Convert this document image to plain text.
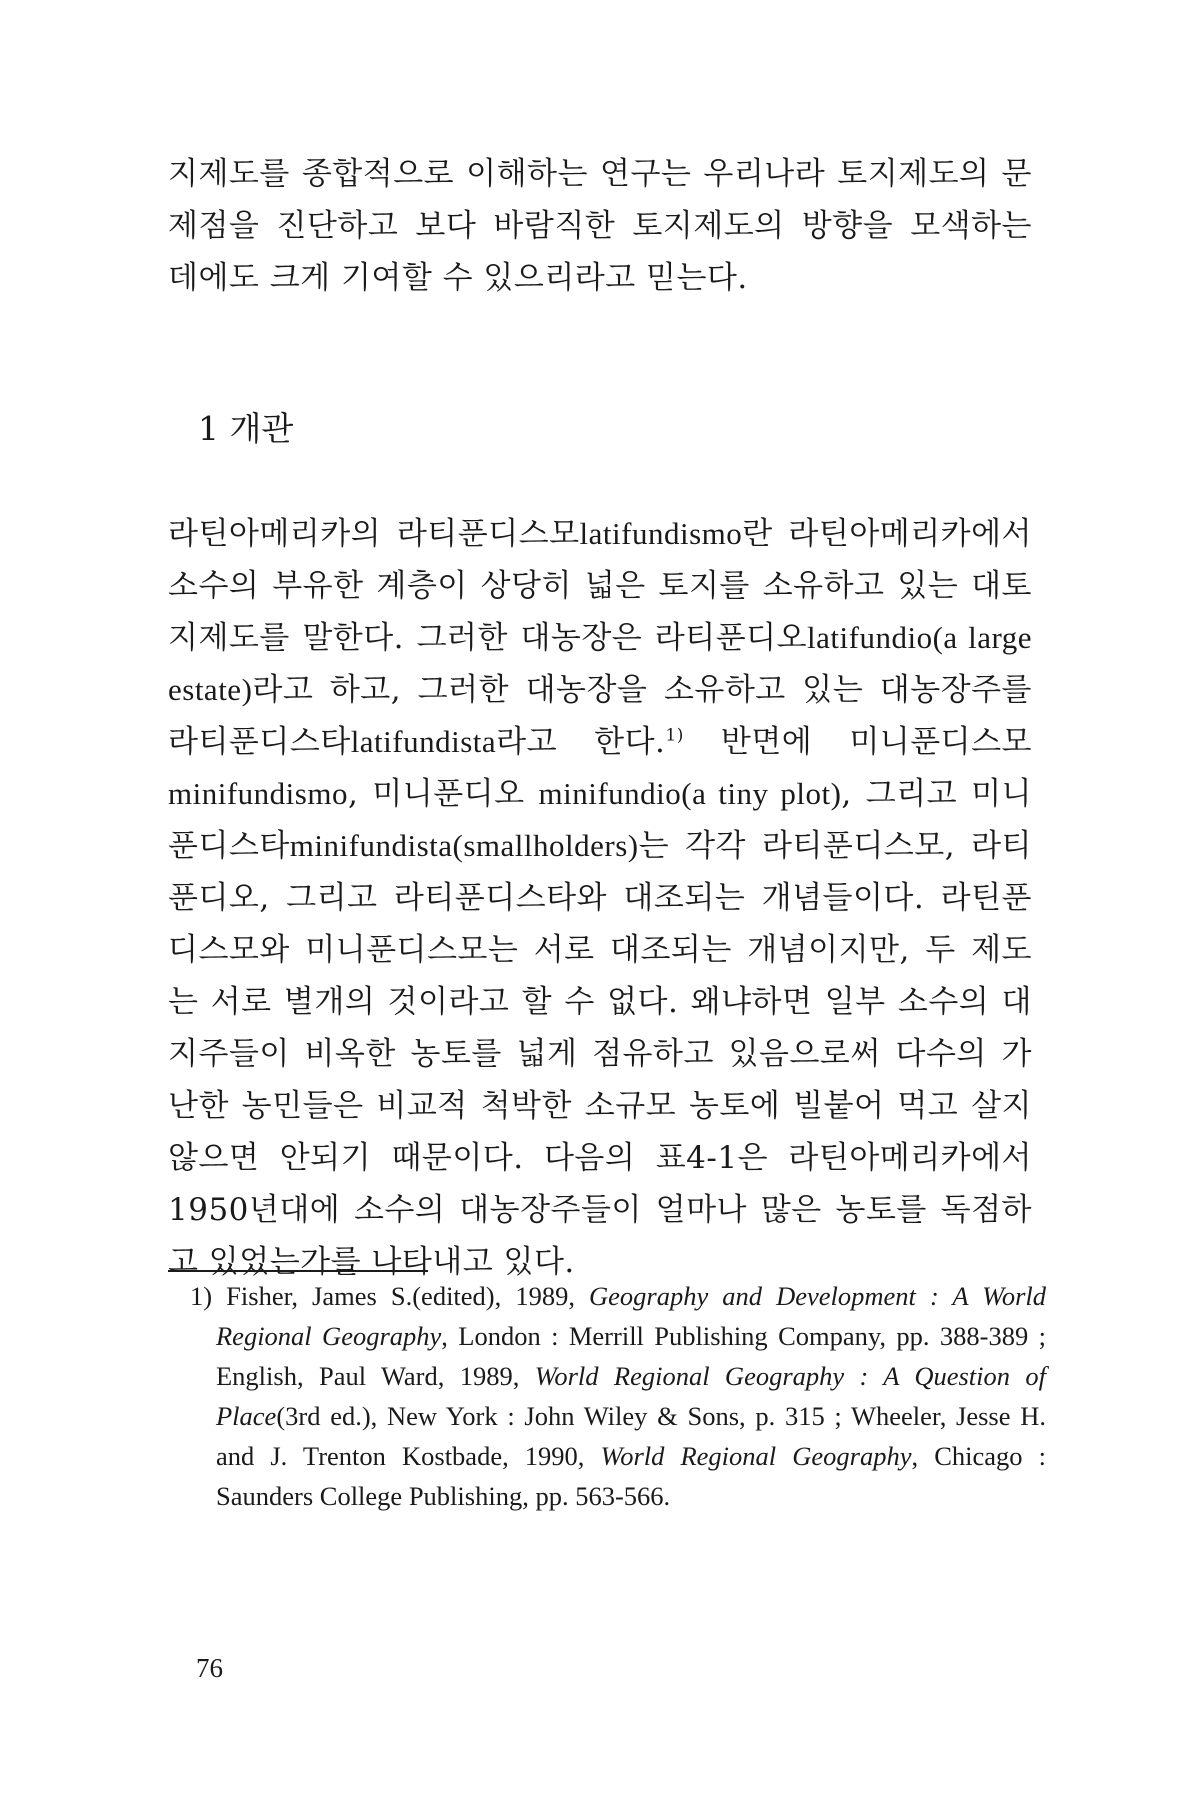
지제도를 종합적으로 이해하는 연구는 우리나라 토지제도의 문제점을 진단하고 보다 바람직한 토지제도의 방향을 모색하는 데에도 크게 기여할 수 있으리라고 믿는다.

1 개관

라틴아메리카의 라티푼디스모latifundismo란 라틴아메리카에서 소수의 부유한 계층이 상당히 넓은 토지를 소유하고 있는 대토지제도를 말한다. 그러한 대농장은 라티푼디오latifundio(a large estate)라고 하고, 그러한 대농장을 소유하고 있는 대농장주를 라티푼디스타latifundista라고 한다.$^{1)}$ 반면에 미니푼디스모 minifundismo, 미니푼디오 minifundio(a tiny plot), 그리고 미니푼디스타minifundista(smallholders)는 각각 라티푼디스모, 라티푼디오, 그리고 라티푼디스타와 대조되는 개념들이다. 라틴푼디스모와 미니푼디스모는 서로 대조되는 개념이지만, 두 제도는 서로 별개의 것이라고 할 수 없다. 왜냐하면 일부 소수의 대지주들이 비옥한 농토를 넓게 점유하고 있음으로써 다수의 가난한 농민들은 비교적 척박한 소규모 농토에 빌붙어 먹고 살지 않으면 안되기 때문이다. 다음의 표4-1은 라틴아메리카에서 1950년대에 소수의 대농장주들이 얼마나 많은 농토를 독점하고 있었는가를 나타내고 있다.

1) Fisher, James S.(edited), 1989, Geography and Development : A World Regional Geography, London : Merrill Publishing Company, pp. 388-389 ; English, Paul Ward, 1989, World Regional Geography : A Question of Place(3rd ed.), New York : John Wiley & Sons, p. 315 ; Wheeler, Jesse H. and J. Trenton Kostbade, 1990, World Regional Geography, Chicago : Saunders College Publishing, pp. 563-566.

76
